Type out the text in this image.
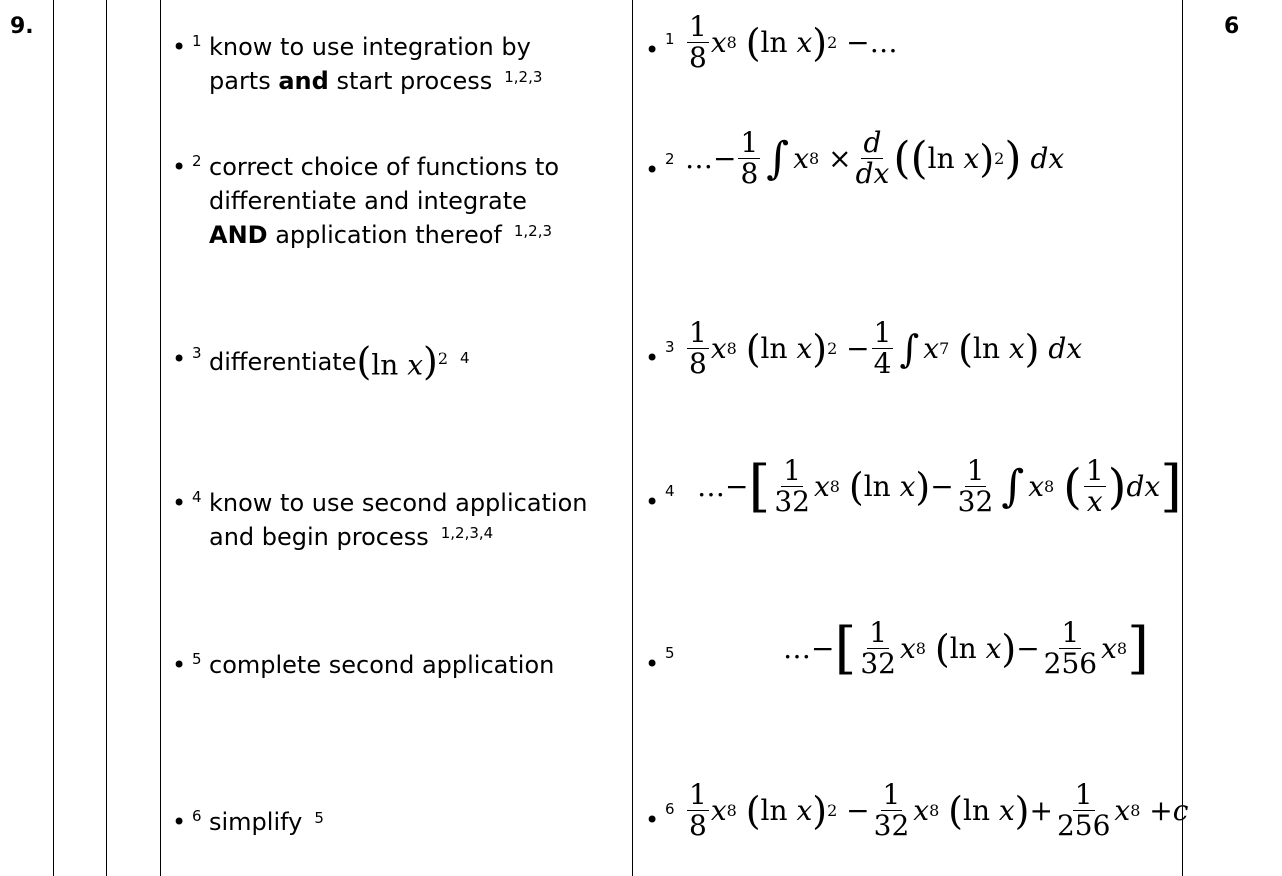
9.	6
• 1 know to use integration by
parts and start process $^{1,2,3}$
• 2 correct choice of functions to
differentiate and integrate
AND application thereof $^{1,2,3}$
• 3 differentiate (ln x)$^2$ 4
• 4 know to use second application
and begin process $^{1,2,3,4}$
• 5 complete second application
• 6 simplify $^5$
• $1 \frac{1}{8}$ x 8
( ln x ) 2 −…
• 2 …− $\frac{1}{8}$ ∫ x $8 \times \frac{d}{dx}$ (( ln x ) 2 )
dx
• $3 \frac{1}{8}$ x 8
( ln x ) $2 - \frac{1}{4}$ ∫ x 7
( ln x )
dx
• 4 …− [ $\frac{1}{32}$ x 8
( ln x ) − $\frac{1}{32}$ ∫ x 8
( $\frac{1}{x}$ ) dx ]
• 5	…− [ $\frac{1}{32}$ x 8
( ln x ) − $\frac{1}{256}$ x 8 ]
• $6 \frac{1}{8}$ x 8
( ln x ) $2 - \frac{1}{32}$ x 8
( ln x ) + $\frac{1}{256}$ x 8 + c
